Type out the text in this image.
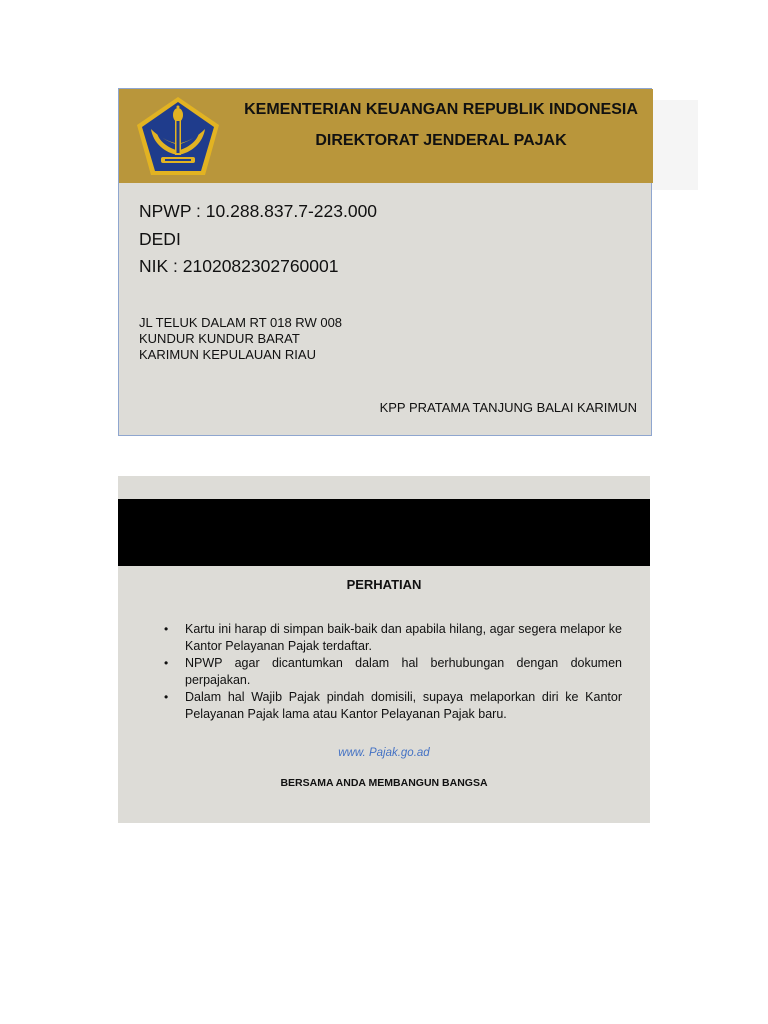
KEMENTERIAN KEUANGAN REPUBLIK INDONESIA
DIREKTORAT JENDERAL PAJAK
NPWP : 10.288.837.7-223.000
DEDI
NIK : 2102082302760001
JL TELUK DALAM RT 018 RW 008
KUNDUR KUNDUR BARAT
KARIMUN KEPULAUAN RIAU
KPP PRATAMA TANJUNG BALAI KARIMUN
PERHATIAN
• Kartu ini harap di simpan baik-baik dan apabila hilang, agar segera melapor ke Kantor Pelayanan Pajak terdaftar.
• NPWP agar dicantumkan dalam hal berhubungan dengan dokumen perpajakan.
• Dalam hal Wajib Pajak pindah domisili, supaya melaporkan diri ke Kantor Pelayanan Pajak lama atau Kantor Pelayanan Pajak baru.
www. Pajak.go.ad
BERSAMA ANDA MEMBANGUN BANGSA
